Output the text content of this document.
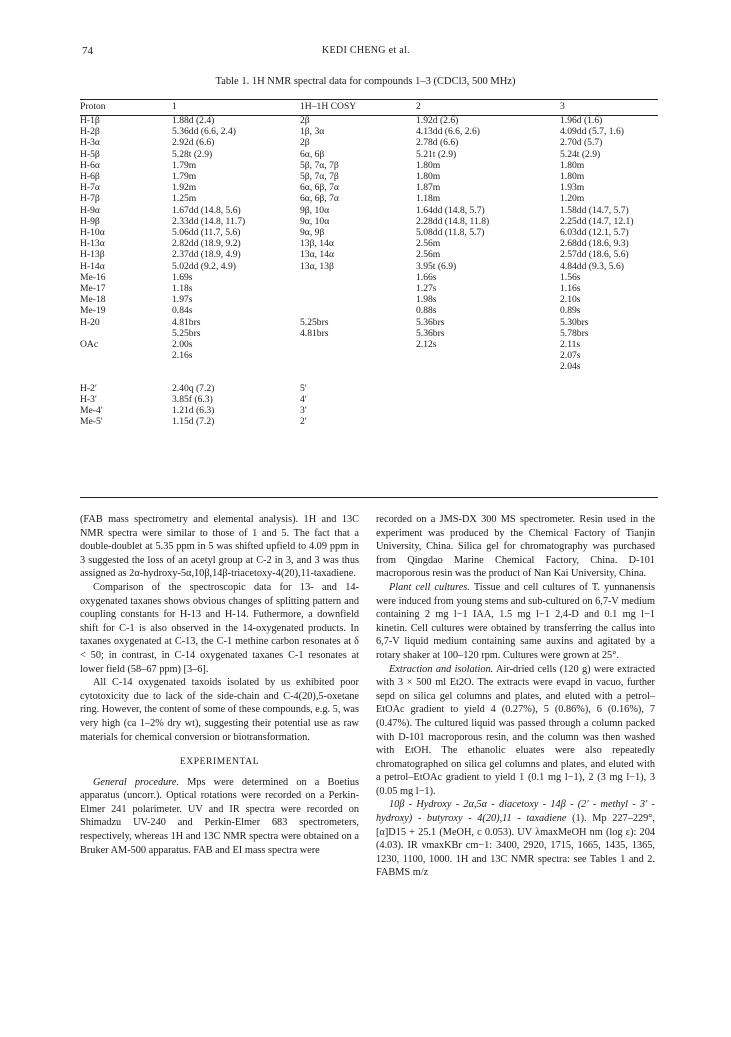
74	KEDI CHENG et al.
Table 1. 1H NMR spectral data for compounds 1–3 (CDCl3, 500 MHz)
Proton	1	1H–1H COSY	2	3
H-1β	1.88d (2.4)	2β	1.92d (2.6)	1.96d (1.6)
H-2β	5.36dd (6.6, 2.4)	1β, 3α	4.13dd (6.6, 2.6)	4.09dd (5.7, 1.6)
H-3α	2.92d (6.6)	2β	2.78d (6.6)	2.70d (5.7)
H-5β	5.28t (2.9)	6α, 6β	5.21t (2.9)	5.24t (2.9)
H-6α	1.79m	5β, 7α, 7β	1.80m	1.80m
H-6β	1.79m	5β, 7α, 7β	1.80m	1.80m
H-7α	1.92m	6α, 6β, 7α	1.87m	1.93m
H-7β	1.25m	6α, 6β, 7α	1.18m	1.20m
H-9α	1.67dd (14.8, 5.6)	9β, 10α	1.64dd (14.8, 5.7)	1.58dd (14.7, 5.7)
H-9β	2.33dd (14.8, 11.7)	9α, 10α	2.28dd (14.8, 11.8)	2.25dd (14.7, 12.1)
H-10α	5.06dd (11.7, 5.6)	9α, 9β	5.08dd (11.8, 5.7)	6.03dd (12.1, 5.7)
H-13α	2.82dd (18.9, 9.2)	13β, 14α	2.56m	2.68dd (18.6, 9.3)
H-13β	2.37dd (18.9, 4.9)	13α, 14α	2.56m	2.57dd (18.6, 5.6)
H-14α	5.02dd (9.2, 4.9)	13α, 13β	3.95t (6.9)	4.84dd (9.3, 5.6)
Me-16	1.69s		1.66s	1.56s
Me-17	1.18s		1.27s	1.16s
Me-18	1.97s		1.98s	2.10s
Me-19	0.84s		0.88s	0.89s
H-20	4.81brs	5.25brs	5.36brs	5.30brs
	5.25brs	4.81brs	5.36brs	5.78brs
OAc	2.00s		2.12s	2.11s
	2.16s			2.07s
				2.04s

H-2′	2.40q (7.2)	5′		
H-3′	3.85f (6.3)	4′		
Me-4′	1.21d (6.3)	3′		
Me-5′	1.15d (7.2)	2′		

(FAB mass spectrometry and elemental analysis). 1H and 13C NMR spectra were similar to those of 1 and 5. The fact that a double-doublet at 5.35 ppm in 5 was shifted upfield to 4.09 ppm in 3 suggested the loss of an acetyl group at C-2 in 3, and 3 was thus assigned as 2α-hydroxy-5α,10β,14β-triacetoxy-4(20),11-taxadiene.

Comparison of the spectroscopic data for 13- and 14-oxygenated taxanes shows obvious changes of splitting pattern and coupling constants for H-13 and H-14. Futhermore, a downfield shift for C-1 is also observed in the 14-oxygenated products. In taxanes oxygenated at C-13, the C-1 methine carbon resonates at δ < 50; in contrast, in C-14 oxygenated taxanes C-1 resonates at lower field (58–67 ppm) [3–6].

All C-14 oxygenated taxoids isolated by us exhibited poor cytotoxicity due to lack of the side-chain and C-4(20),5-oxetane ring. However, the content of some of these compounds, e.g. 5, was very high (ca 1–2% dry wt), suggesting their potential use as raw materials for chemical conversion or biotransformation.

EXPERIMENTAL

General procedure. Mps were determined on a Boetius apparatus (uncorr.). Optical rotations were recorded on a Perkin-Elmer 241 polarimeter. UV and IR spectra were recorded on Shimadzu UV-240 and Perkin-Elmer 683 spectrometers, respectively, whereas 1H and 13C NMR spectra were obtained on a Bruker AM-500 apparatus. FAB and EI mass spectra were

recorded on a JMS-DX 300 MS spectrometer. Resin used in the experiment was produced by the Chemical Factory of Tianjin University, China. Silica gel for chromatography was purchased from Qingdao Marine Chemical Factory, China. D-101 macroporous resin was the product of Nan Kai University, China.

Plant cell cultures. Tissue and cell cultures of T. yunnanensis were induced from young stems and sub-cultured on 6,7-V medium containing 2 mg l−1 IAA, 1.5 mg l−1 2,4-D and 0.1 mg l−1 kinetin. Cell cultures were obtained by transferring the callus into 6,7-V liquid medium containing same auxins and agitated by a rotary shaker at 100–120 rpm. Cultures were grown at 25°.

Extraction and isolation. Air-dried cells (120 g) were extracted with 3 × 500 ml Et2O. The extracts were evapd in vacuo, further sepd on silica gel columns and plates, and eluted with a petrol–EtOAc gradient to yield 4 (0.27%), 5 (0.86%), 6 (0.16%), 7 (0.47%). The cultured liquid was passed through a column packed with D-101 macroporous resin, and the column was then washed with EtOH. The ethanolic eluates were also repeatedly chromatographed on silica gel columns and plates, and eluted with a petrol–EtOAc gradient to yield 1 (0.1 mg l−1), 2 (3 mg l−1), 3 (0.05 mg l−1).

10β - Hydroxy - 2α,5α - diacetoxy - 14β - (2′ - methyl - 3′ - hydroxy) - butyroxy - 4(20),11 - taxadiene (1). Mp 227–229°, [α]D15 + 25.1 (MeOH, c 0.053). UV λmaxMeOH nm (log ε): 204 (4.03). IR νmaxKBr cm−1: 3400, 2920, 1715, 1665, 1435, 1365, 1230, 1100, 1000. 1H and 13C NMR spectra: see Tables 1 and 2. FABMS m/z
